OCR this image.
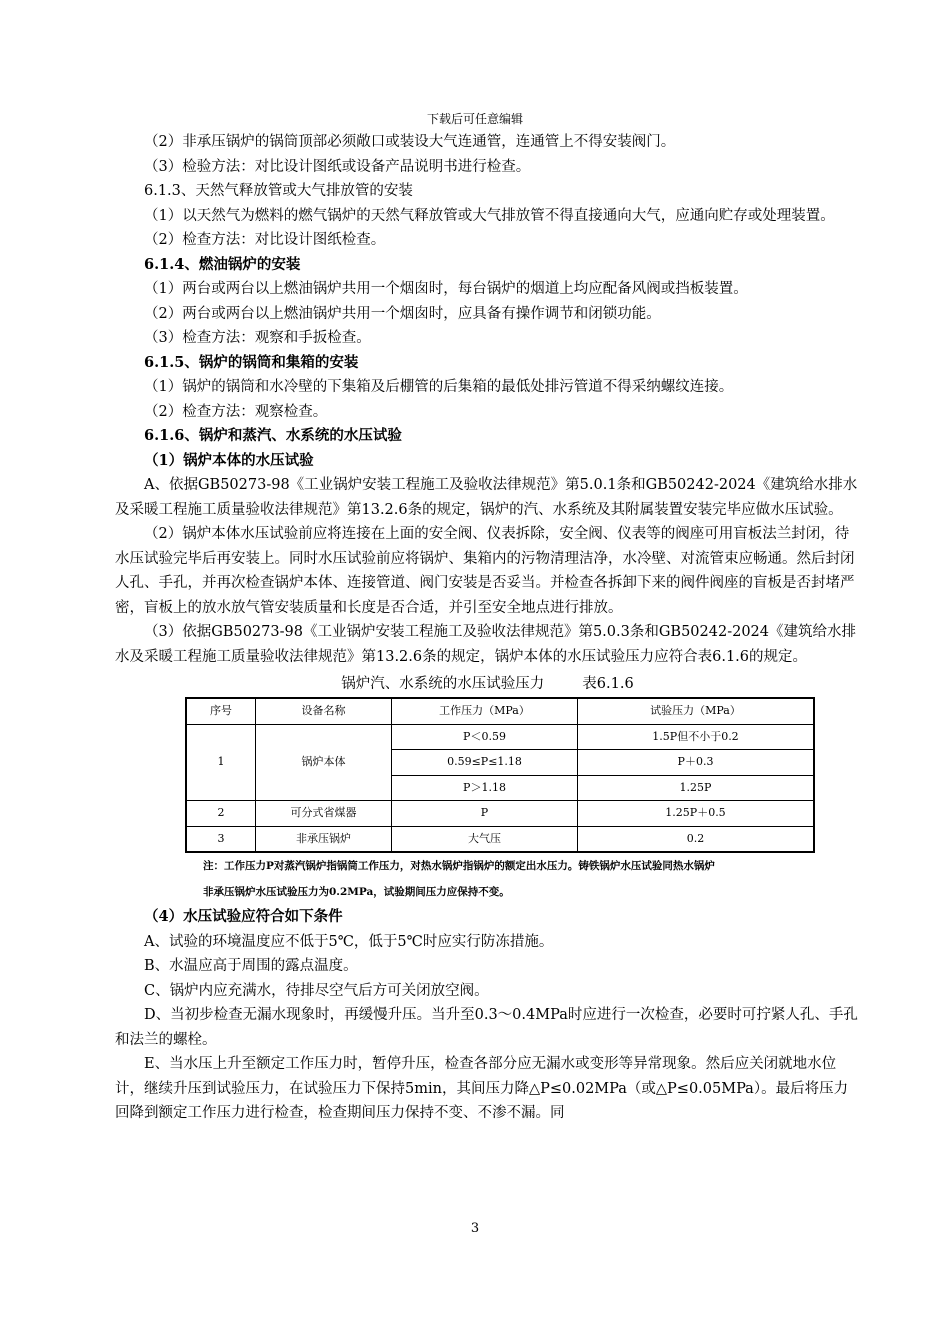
下载后可任意编辑

（2）非承压锅炉的锅筒顶部必须敞口或装设大气连通管，连通管上不得安装阀门。

（3）检验方法：对比设计图纸或设备产品说明书进行检查。

6.1.3、天然气释放管或大气排放管的安装

（1）以天然气为燃料的燃气锅炉的天然气释放管或大气排放管不得直接通向大气，应通向贮存或处理装置。

（2）检查方法：对比设计图纸检查。

6.1.4、燃油锅炉的安装

（1）两台或两台以上燃油锅炉共用一个烟囱时，每台锅炉的烟道上均应配备风阀或挡板装置。

（2）两台或两台以上燃油锅炉共用一个烟囱时，应具备有操作调节和闭锁功能。

（3）检查方法：观察和手扳检查。

6.1.5、锅炉的锅筒和集箱的安装

（1）锅炉的锅筒和水冷壁的下集箱及后棚管的后集箱的最低处排污管道不得采纳螺纹连接。

（2）检查方法：观察检查。

6.1.6、锅炉和蒸汽、水系统的水压试验

（1）锅炉本体的水压试验

A、依据GB50273-98《工业锅炉安装工程施工及验收法律规范》第5.0.1条和GB50242-2024《建筑给水排水及采暖工程施工质量验收法律规范》第13.2.6条的规定，锅炉的汽、水系统及其附属装置安装完毕应做水压试验。

（2）锅炉本体水压试验前应将连接在上面的安全阀、仪表拆除，安全阀、仪表等的阀座可用盲板法兰封闭，待水压试验完毕后再安装上。同时水压试验前应将锅炉、集箱内的污物清理洁净，水冷壁、对流管束应畅通。然后封闭人孔、手孔，并再次检查锅炉本体、连接管道、阀门安装是否妥当。并检查各拆卸下来的阀件阀座的盲板是否封堵严密，盲板上的放水放气管安装质量和长度是否合适，并引至安全地点进行排放。

（3）依据GB50273-98《工业锅炉安装工程施工及验收法律规范》第5.0.3条和GB50242-2024《建筑给水排水及采暖工程施工质量验收法律规范》第13.2.6条的规定，锅炉本体的水压试验压力应符合表6.1.6的规定。

锅炉汽、水系统的水压试验压力	表6.1.6
序号	设备名称	工作压力（MPa）	试验压力（MPa）
1	锅炉本体	P＜0.59	1.5P但不小于0.2
		0.59≤P≤1.18	P＋0.3
		P＞1.18	1.25P
2	可分式省煤器	P	1.25P＋0.5
3	非承压锅炉	大气压	0.2
注：工作压力P对蒸汽锅炉指锅筒工作压力，对热水锅炉指锅炉的额定出水压力。铸铁锅炉水压试验同热水锅炉
非承压锅炉水压试验压力为0.2MPa，试验期间压力应保持不变。

（4）水压试验应符合如下条件

A、试验的环境温度应不低于5℃，低于5℃时应实行防冻措施。

B、水温应高于周围的露点温度。

C、锅炉内应充满水，待排尽空气后方可关闭放空阀。

D、当初步检查无漏水现象时，再缓慢升压。当升至0.3～0.4MPa时应进行一次检查，必要时可拧紧人孔、手孔和法兰的螺栓。

E、当水压上升至额定工作压力时，暂停升压，检查各部分应无漏水或变形等异常现象。然后应关闭就地水位计，继续升压到试验压力，在试验压力下保持5min，其间压力降△P≤0.02MPa（或△P≤0.05MPa）。最后将压力回降到额定工作压力进行检查，检查期间压力保持不变、不渗不漏。同

3
